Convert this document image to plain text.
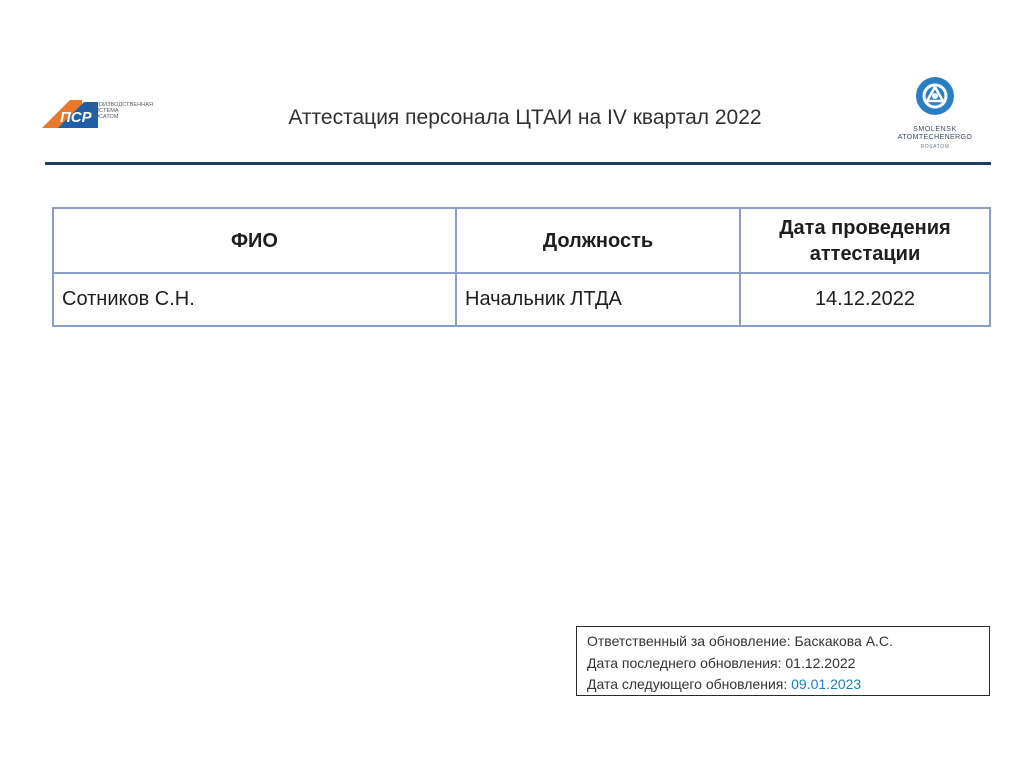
ПСР
ПРОИЗВОДСТВЕННАЯ
СИСТЕМА
РОСАТОМ	Аттестация персонала ЦТАИ на IV квартал 2022
SMOLENSK
ATOMTECHENERGO
ROSATOM
ФИО	Должность	Дата проведения аттестации
Сотников С.Н.	Начальник ЛТДА	14.12.2022
Ответственный за обновление: Баскакова А.С.
Дата последнего обновления: 01.12.2022
Дата следующего обновления: 09.01.2023
